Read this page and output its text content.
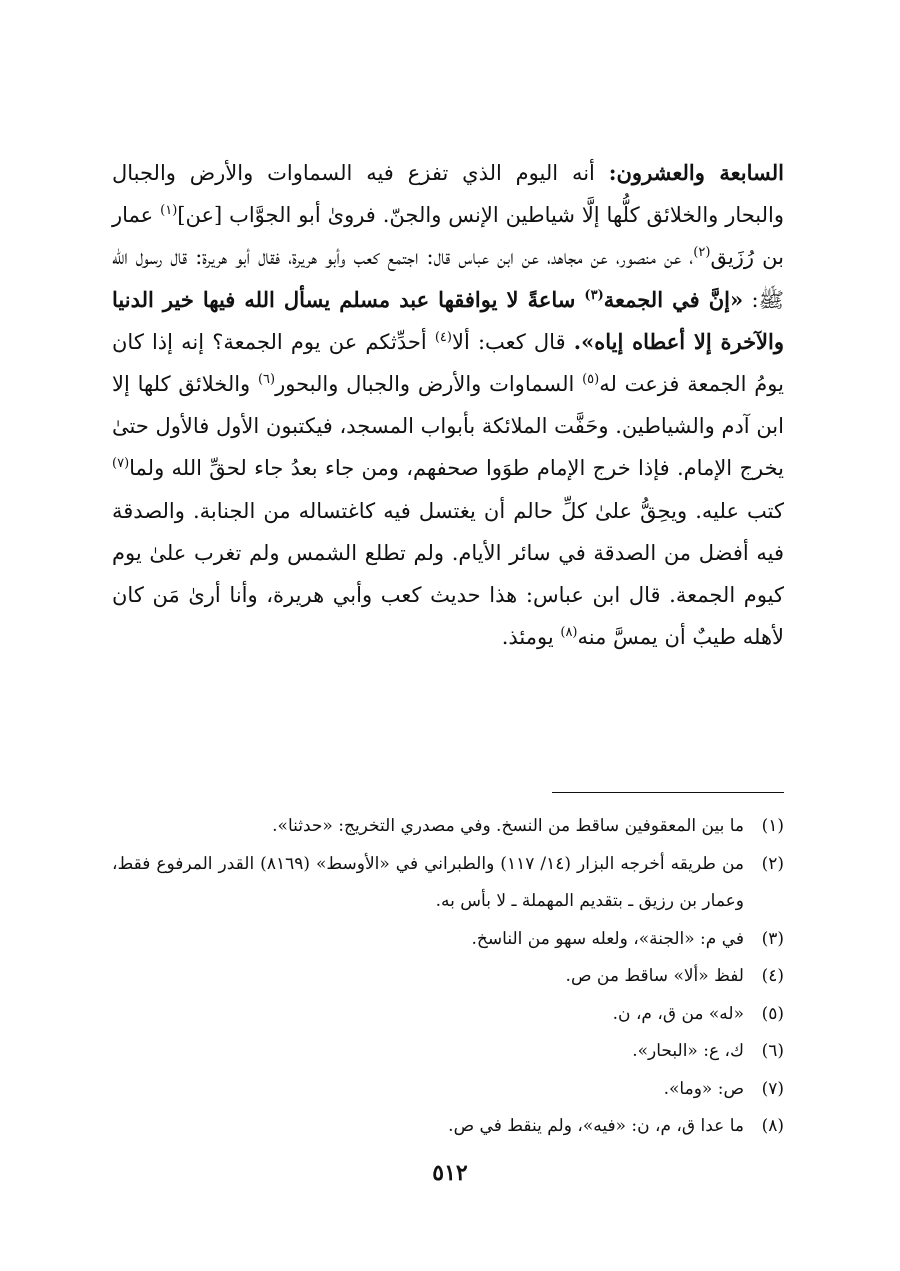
السابعة والعشرون: أنه اليوم الذي تفزع فيه السماوات والأرض والجبال والبحار والخلائق كلُّها إلَّا شياطين الإنس والجنّ. فروىٰ أبو الجوَّاب [عن]$^{(١)}$ عمار بن رُزَيق$^{(٢)}$، عن منصور، عن مجاهد، عن ابن عباس قال: اجتمع كعب وأبو هريرة، فقال أبو هريرة: قال رسول الله ﷺ: «إنَّ في الجمعة$^{(٣)}$ ساعةً لا يوافقها عبد مسلم يسأل الله فيها خير الدنيا والآخرة إلا أعطاه إياه». قال كعب: ألا$^{(٤)}$ أحدِّثكم عن يوم الجمعة؟ إنه إذا كان يومُ الجمعة فزعت له$^{(٥)}$ السماوات والأرض والجبال والبحور$^{(٦)}$ والخلائق كلها إلا ابن آدم والشياطين. وحَفَّت الملائكة بأبواب المسجد، فيكتبون الأول فالأول حتىٰ يخرج الإمام. فإذا خرج الإمام طوَوا صحفهم، ومن جاء بعدُ جاء لحقِّ الله ولما$^{(٧)}$ كتب عليه. ويحِقُّ علىٰ كلِّ حالم أن يغتسل فيه كاغتساله من الجنابة. والصدقة فيه أفضل من الصدقة في سائر الأيام. ولم تطلع الشمس ولم تغرب علىٰ يوم كيوم الجمعة. قال ابن عباس: هذا حديث كعب وأبي هريرة، وأنا أرىٰ مَن كان لأهله طيبٌ أن يمسَّ منه$^{(٨)}$ يومئذ.

(١)
ما بين المعقوفين ساقط من النسخ. وفي مصدري التخريج: «حدثنا».
(٢)
من طريقه أخرجه البزار (١٤/ ١١٧) والطبراني في «الأوسط» (٨١٦٩) القدر المرفوع فقط، وعمار بن رزيق ـ بتقديم المهملة ـ لا بأس به.
(٣)
في م: «الجنة»، ولعله سهو من الناسخ.
(٤)
لفظ «ألا» ساقط من ص.
(٥)
«له» من ق، م، ن.
(٦)
ك، ع: «البحار».
(٧)
ص: «وما».
(٨)
ما عدا ق، م، ن: «فيه»، ولم ينقط في ص.
٥١٢
